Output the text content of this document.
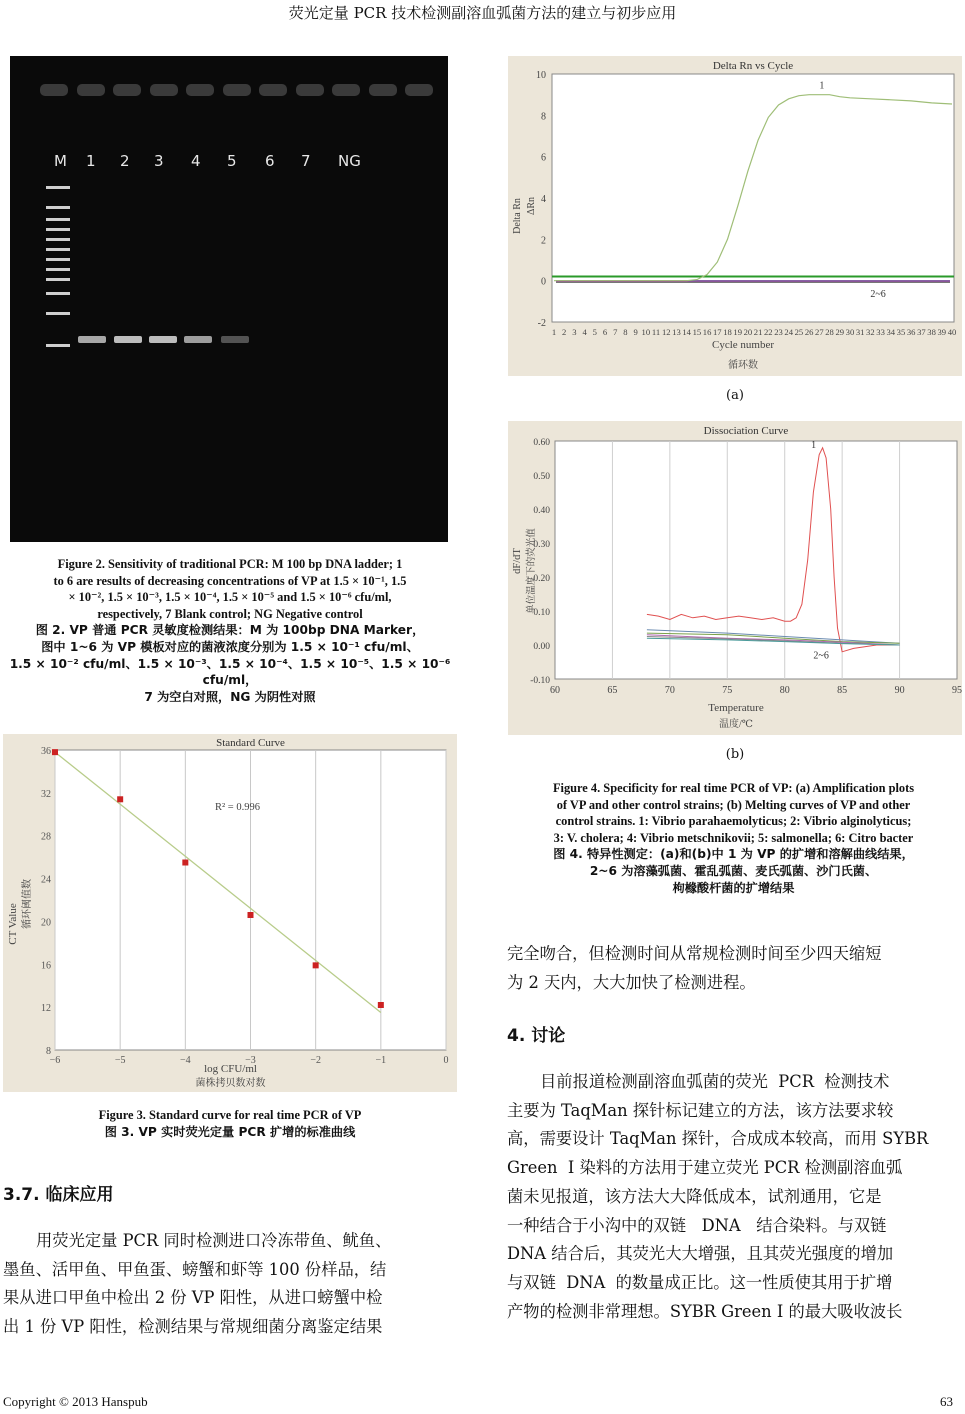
荧光定量 PCR 技术检测副溶血弧菌方法的建立与初步应用
M 1 2 3 4 5 6 7 NG
Figure 2. Sensitivity of traditional PCR: M 100 bp DNA ladder; 1
to 6 are results of decreasing concentrations of VP at 1.5 × 10⁻¹, 1.5
× 10⁻², 1.5 × 10⁻³, 1.5 × 10⁻⁴, 1.5 × 10⁻⁵ and 1.5 × 10⁻⁶ cfu/ml,
respectively, 7 Blank control; NG Negative control
图 2. VP 普通 PCR 灵敏度检测结果：M 为 100bp DNA Marker，
图中 1~6 为 VP 模板对应的菌液浓度分别为 1.5 × 10⁻¹ cfu/ml、
1.5 × 10⁻² cfu/ml、1.5 × 10⁻³、1.5 × 10⁻⁴、1.5 × 10⁻⁵、1.5 × 10⁻⁶ cfu/ml，
7 为空白对照，NG 为阴性对照
−6	−5	−4	−3	−2	−1	0
8
12
16
20
24
28
32
36
Standard Curve
R² = 0.996
log CFU/ml
菌株拷贝数对数
CT Value 循环阈值数
Figure 3. Standard curve for real time PCR of VP
图 3. VP 实时荧光定量 PCR 扩增的标准曲线
3.7. 临床应用
用荧光定量 PCR 同时检测进口冷冻带鱼、鱿鱼、
墨鱼、活甲鱼、甲鱼蛋、螃蟹和虾等 100 份样品，结
果从进口甲鱼中检出 2 份 VP 阳性，从进口螃蟹中检
出 1 份 VP 阳性，检测结果与常规细菌分离鉴定结果
-2
0
2
4
6
8
10
1 2 3 4 5 6 7 8 9 10 11 12 13 14 15 16 17 18 19 20 21 22 23 24 25 26 27 28 29 30 31 32 33 34 35 36 37 38 39 40
Delta Rn vs Cycle
1
2~6
Cycle number
循环数
Delta Rn ΔRn
(a)
60	65	70	75	80	85	90	95
-0.10
0.00
0.10
0.20
0.30
0.40
0.50
0.60
Dissociation Curve
1
2~6
Temperature
温度/℃
dF/dT 单位温度下的荧光值
(b)
Figure 4. Specificity for real time PCR of VP: (a) Amplification plots
of VP and other control strains; (b) Melting curves of VP and other
control strains. 1: Vibrio parahaemolyticus; 2: Vibrio alginolyticus;
3: V. cholera; 4: Vibrio metschnikovii; 5: salmonella; 6: Citro bacter
图 4. 特异性测定：(a)和(b)中 1 为 VP 的扩增和溶解曲线结果，
2~6 为溶藻弧菌、霍乱弧菌、麦氏弧菌、沙门氏菌、
枸橼酸杆菌的扩增结果
完全吻合，但检测时间从常规检测时间至少四天缩短
为 2 天内，大大加快了检测进程。
4. 讨论
目前报道检测副溶血弧菌的荧光  PCR  检测技术
主要为 TaqMan 探针标记建立的方法，该方法要求较
高，需要设计 TaqMan 探针，合成成本较高，而用 SYBR
Green  I 染料的方法用于建立荧光 PCR 检测副溶血弧
菌未见报道，该方法大大降低成本，试剂通用，它是
一种结合于小沟中的双链   DNA   结合染料。与双链
DNA 结合后，其荧光大大增强，且其荧光强度的增加
与双链  DNA  的数量成正比。这一性质使其用于扩增
产物的检测非常理想。SYBR Green I 的最大吸收波长
Copyright © 2013 Hanspub	63
